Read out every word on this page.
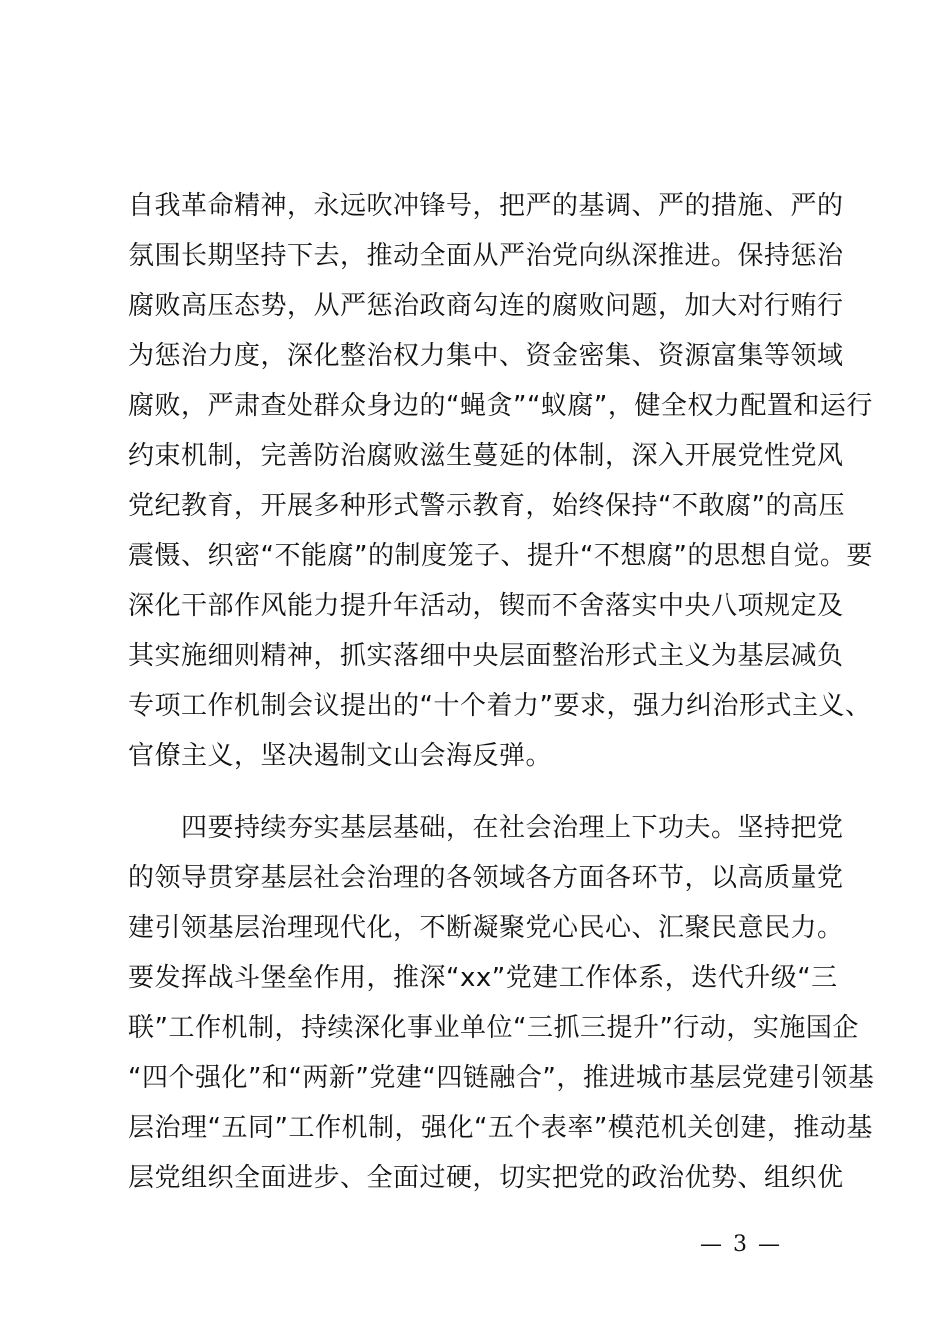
自我革命精神，永远吹冲锋号，把严的基调、严的措施、严的
氛围长期坚持下去，推动全面从严治党向纵深推进。保持惩治
腐败高压态势，从严惩治政商勾连的腐败问题，加大对行贿行
为惩治力度，深化整治权力集中、资金密集、资源富集等领域
腐败，严肃查处群众身边的“蝇贪”“蚁腐”，健全权力配置和运行
约束机制，完善防治腐败滋生蔓延的体制，深入开展党性党风
党纪教育，开展多种形式警示教育，始终保持“不敢腐”的高压
震慑、织密“不能腐”的制度笼子、提升“不想腐”的思想自觉。要
深化干部作风能力提升年活动，锲而不舍落实中央八项规定及
其实施细则精神，抓实落细中央层面整治形式主义为基层减负
专项工作机制会议提出的“十个着力”要求，强力纠治形式主义、
官僚主义，坚决遏制文山会海反弹。
　　四要持续夯实基层基础，在社会治理上下功夫。坚持把党
的领导贯穿基层社会治理的各领域各方面各环节，以高质量党
建引领基层治理现代化，不断凝聚党心民心、汇聚民意民力。
要发挥战斗堡垒作用，推深“xx”党建工作体系，迭代升级“三
联”工作机制，持续深化事业单位“三抓三提升”行动，实施国企
“四个强化”和“两新”党建“四链融合”，推进城市基层党建引领基
层治理“五同”工作机制，强化“五个表率”模范机关创建，推动基
层党组织全面进步、全面过硬，切实把党的政治优势、组织优
— 3 —
